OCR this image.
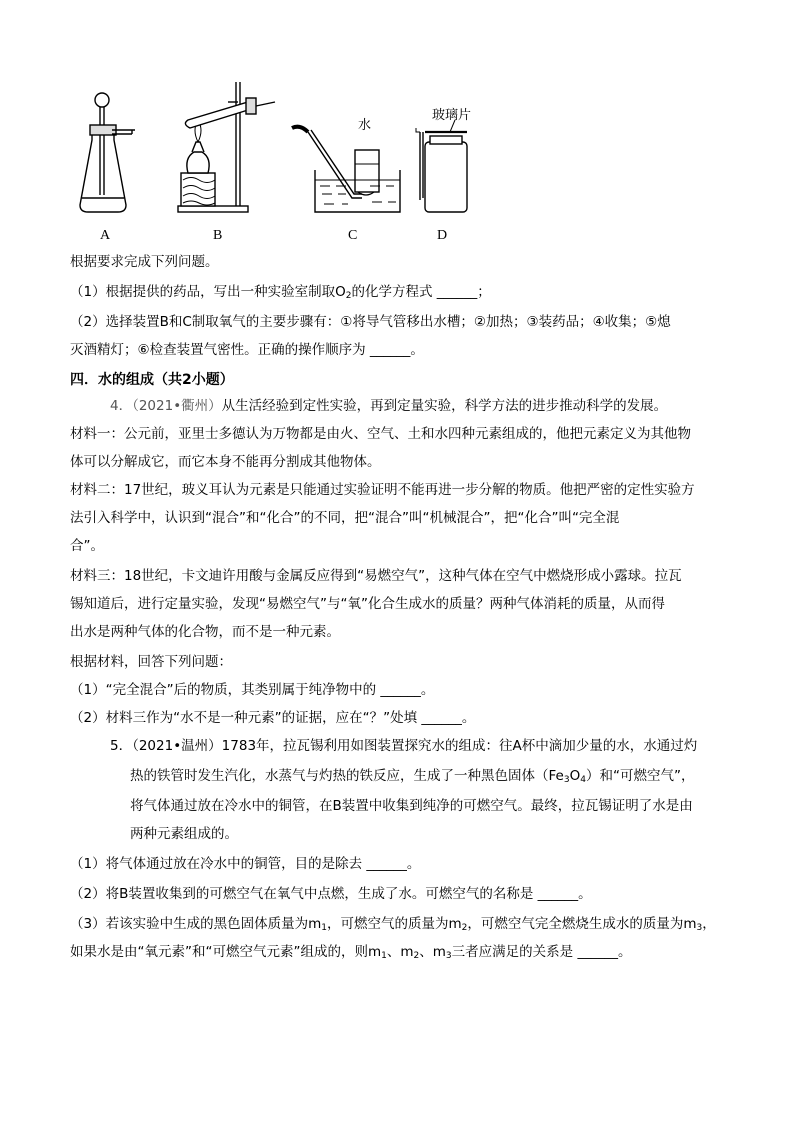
A	B	C	D
水
玻璃片
根据要求完成下列问题。
（1）根据提供的药品，写出一种实验室制取$O_2$的化学方程式 ______；
（2）选择装置B和C制取氧气的主要步骤有：①将导气管移出水槽；②加热；③装药品；④收集；⑤熄
灭酒精灯；⑥检查装置气密性。正确的操作顺序为 ______。
四．水的组成（共2小题）
4．（2021•衢州）从生活经验到定性实验，再到定量实验，科学方法的进步推动科学的发展。
材料一：公元前，亚里士多德认为万物都是由火、空气、土和水四种元素组成的，他把元素定义为其他物
体可以分解成它，而它本身不能再分割成其他物体。
材料二：17世纪，玻义耳认为元素是只能通过实验证明不能再进一步分解的物质。他把严密的定性实验方
法引入科学中，认识到“混合”和“化合”的不同，把“混合”叫“机械混合”，把“化合”叫“完全混
合”。
材料三：18世纪，卡文迪许用酸与金属反应得到“易燃空气”，这种气体在空气中燃烧形成小露球。拉瓦
锡知道后，进行定量实验，发现“易燃空气”与“氧”化合生成水的质量？两种气体消耗的质量，从而得
出水是两种气体的化合物，而不是一种元素。
根据材料，回答下列问题：
（1）“完全混合”后的物质，其类别属于纯净物中的 ______。
（2）材料三作为“水不是一种元素”的证据，应在“？”处填 ______。
5．（2021•温州）1783年，拉瓦锡利用如图装置探究水的组成：往A杯中滴加少量的水，水通过灼
热的铁管时发生汽化，水蒸气与灼热的铁反应，生成了一种黑色固体$(Fe_3O_4)$和“可燃空气”，
将气体通过放在冷水中的铜管，在B装置中收集到纯净的可燃空气。最终，拉瓦锡证明了水是由
两种元素组成的。
（1）将气体通过放在冷水中的铜管，目的是除去 ______。
（2）将B装置收集到的可燃空气在氧气中点燃，生成了水。可燃空气的名称是 ______。
（3）若该实验中生成的黑色固体质量为$m_1$，可燃空气的质量为$m_2$，可燃空气完全燃烧生成水的质量为$m_3$，
如果水是由“氧元素”和“可燃空气元素”组成的，则$m_1$、$m_2$、$m_3$三者应满足的关系是 ______。
